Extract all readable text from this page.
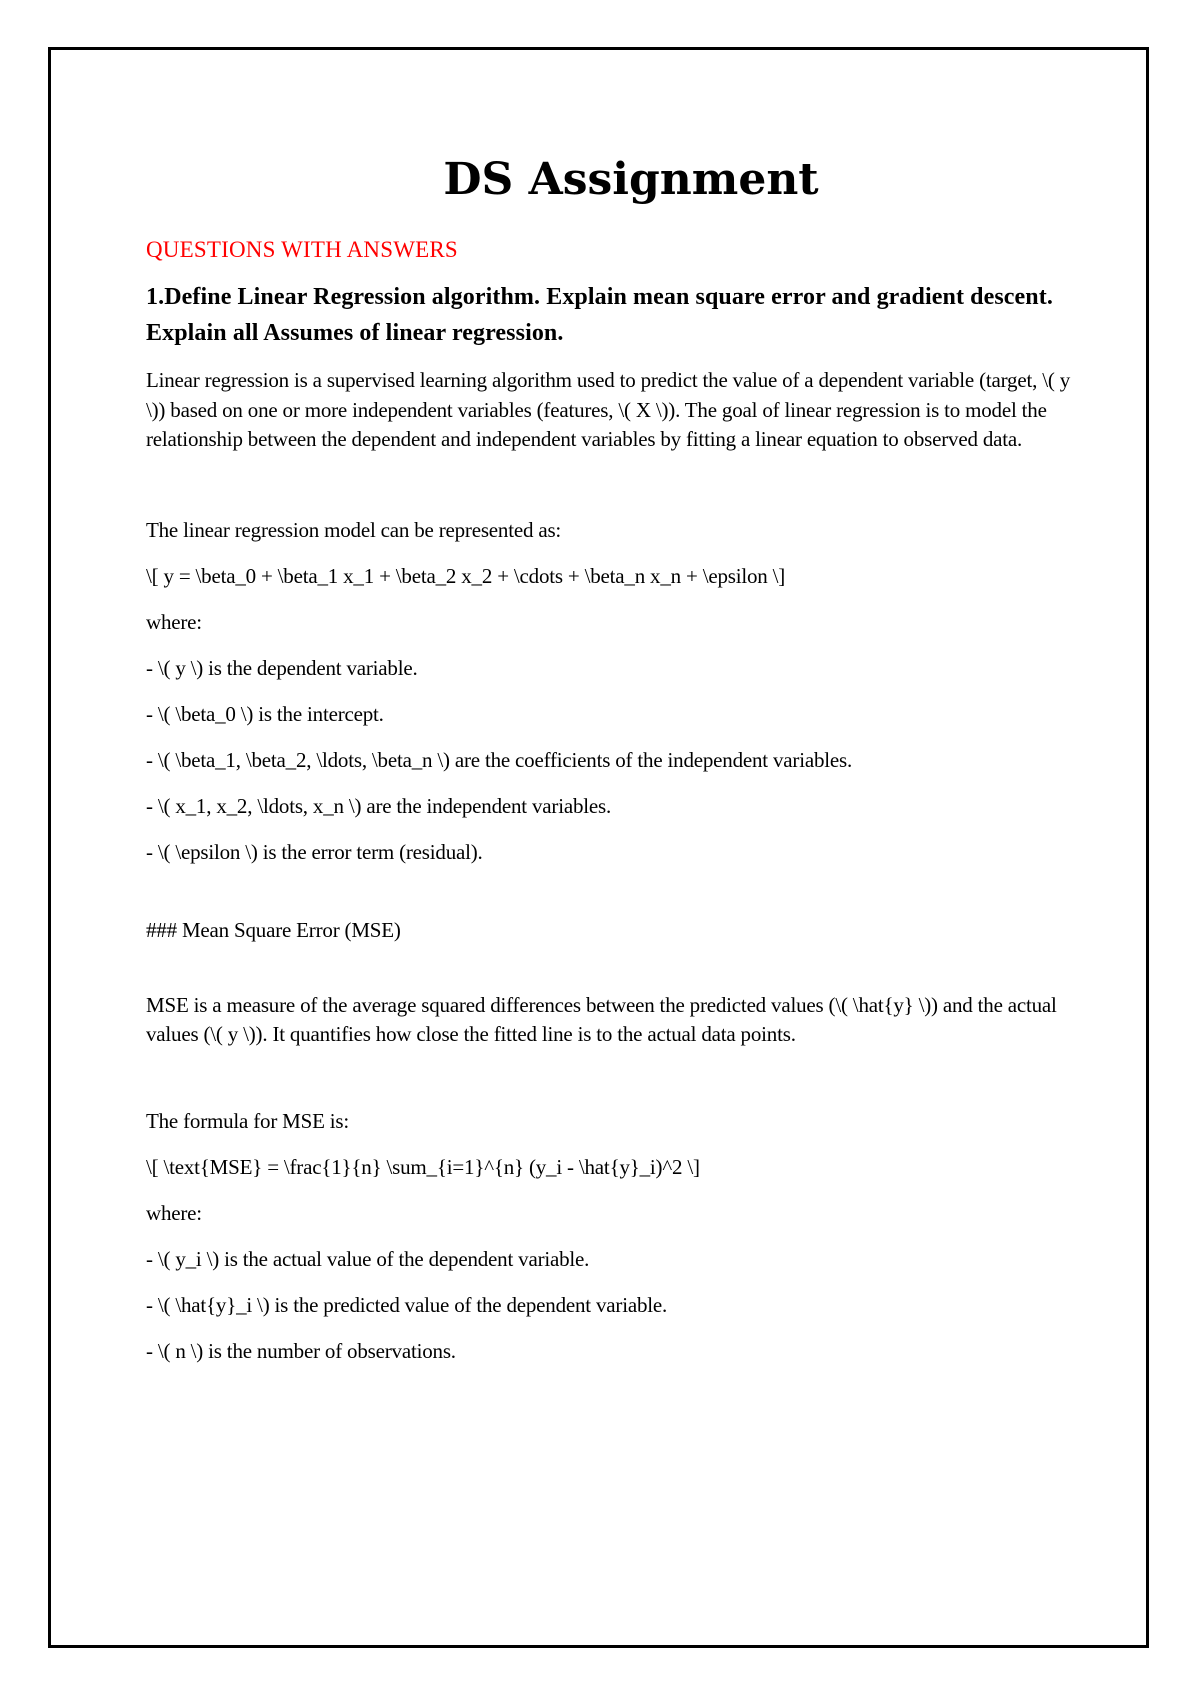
DS Assignment
QUESTIONS WITH ANSWERS
1.Define Linear Regression algorithm. Explain mean square error and gradient descent. Explain all Assumes of linear regression.
Linear regression is a supervised learning algorithm used to predict the value of a dependent variable (target, \( y \)) based on one or more independent variables (features, \( X \)). The goal of linear regression is to model the relationship between the dependent and independent variables by fitting a linear equation to observed data.
The linear regression model can be represented as:
\[ y = \beta_0 + \beta_1 x_1 + \beta_2 x_2 + \cdots + \beta_n x_n + \epsilon \]
where:
- \( y \) is the dependent variable.
- \( \beta_0 \) is the intercept.
- \( \beta_1, \beta_2, \ldots, \beta_n \) are the coefficients of the independent variables.
- \( x_1, x_2, \ldots, x_n \) are the independent variables.
- \( \epsilon \) is the error term (residual).
### Mean Square Error (MSE)
MSE is a measure of the average squared differences between the predicted values (\( \hat{y} \)) and the actual values (\( y \)). It quantifies how close the fitted line is to the actual data points.
The formula for MSE is:
\[ \text{MSE} = \frac{1}{n} \sum_{i=1}^{n} (y_i - \hat{y}_i)^2 \]
where:
- \( y_i \) is the actual value of the dependent variable.
- \( \hat{y}_i \) is the predicted value of the dependent variable.
- \( n \) is the number of observations.
